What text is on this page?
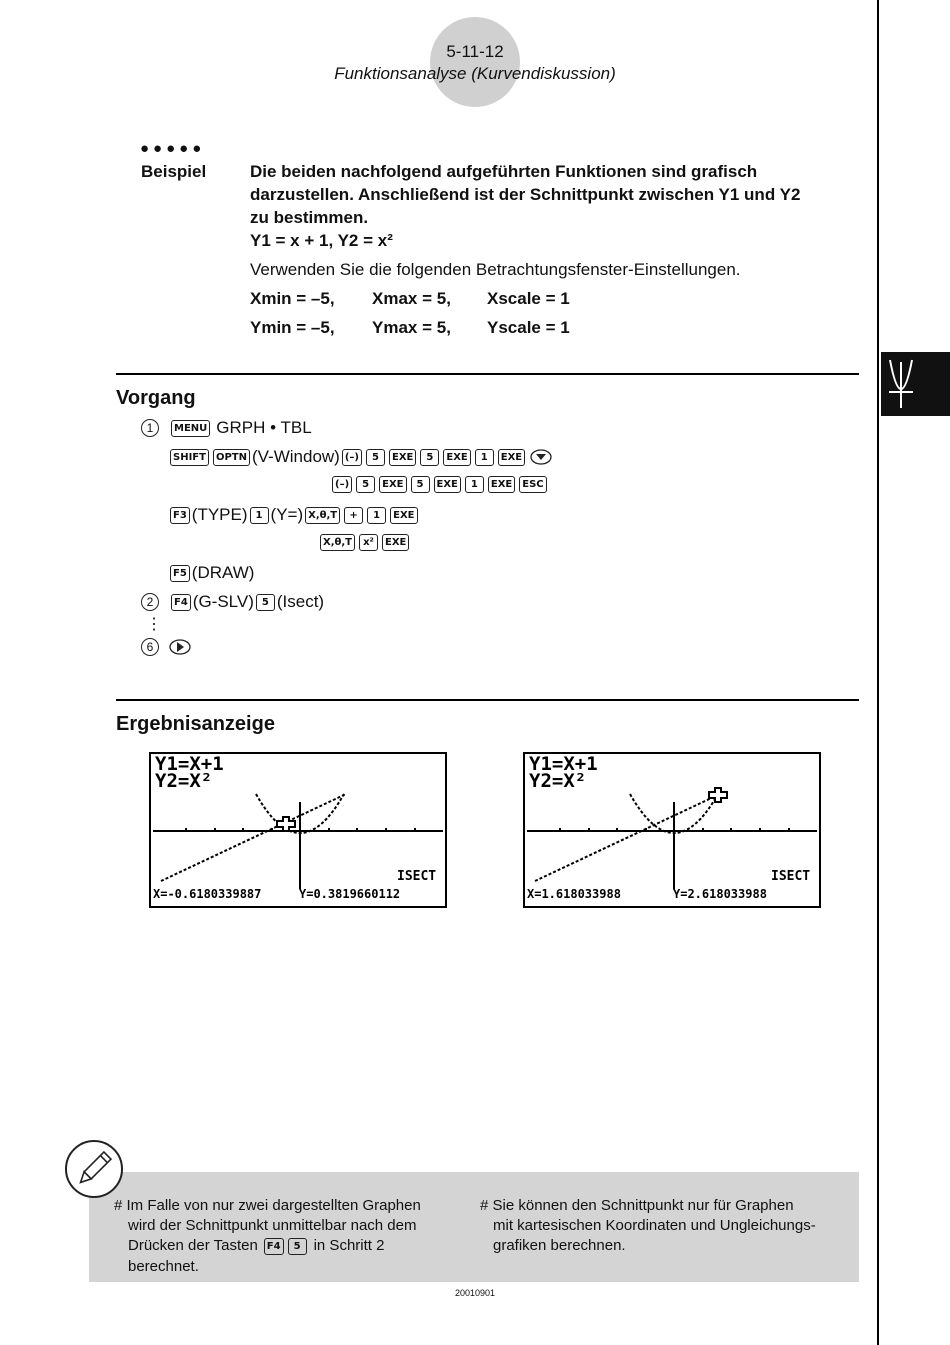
5-11-12
Funktionsanalyse (Kurvendiskussion)
●●●●●
Beispiel	Die beiden nachfolgend aufgeführten Funktionen sind grafisch
darzustellen. Anschließend ist der Schnittpunkt zwischen Y1 und Y2
zu bestimmen.
Y1 = x + 1, Y2 = x²
Verwenden Sie die folgenden Betrachtungsfenster-Einstellungen.
Xmin = –5, Xmax = 5, Xscale = 1
Ymin = –5, Ymax = 5, Yscale = 1
Vorgang
1	MENU GRPH • TBL
SHIFT	OPTN (V-Window) (–)	5	EXE	5	EXE	1	EXE
(–)	5	EXE	5	EXE	1	EXE	ESC
F3 (TYPE) 1 (Y=) X,θ,T	+	1	EXE
X,θ,T	x²	EXE
F5 (DRAW)
2	F4 (G-SLV) 5 (Isect)
⋮
6
Ergebnisanzeige
Y1=X+1
Y2=X²
ISECT
X=-0.6180339887	Y=0.3819660112
Y1=X+1
Y2=X²
ISECT
X=1.618033988	Y=2.618033988
# Im Falle von nur zwei dargestellten Graphen
wird der Schnittpunkt unmittelbar nach dem
Drücken der Tasten F4	5 in Schritt 2
berechnet.
# Sie können den Schnittpunkt nur für Graphen
mit kartesischen Koordinaten und Ungleichungs-
grafiken berechnen.
20010901
